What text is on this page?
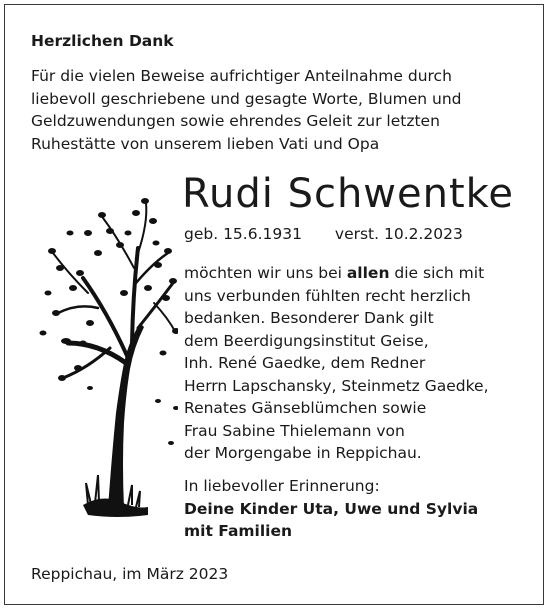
Herzlichen Dank
Für die vielen Beweise aufrichtiger Anteilnahme durch
liebevoll geschriebene und gesagte Worte, Blumen und
Geldzuwendungen sowie ehrendes Geleit zur letzten
Ruhestätte von unserem lieben Vati und Opa
Rudi Schwentke
geb. 15.6.1931 verst. 10.2.2023
möchten wir uns bei allen die sich mit
uns verbunden fühlten recht herzlich
bedanken. Besonderer Dank gilt
dem Beerdigungsinstitut Geise,
Inh. René Gaedke, dem Redner
Herrn Lapschansky, Steinmetz Gaedke,
Renates Gänseblümchen sowie
Frau Sabine Thielemann von
der Morgengabe in Reppichau.
In liebevoller Erinnerung:
Deine Kinder Uta, Uwe und Sylvia
mit Familien
Reppichau, im März 2023
